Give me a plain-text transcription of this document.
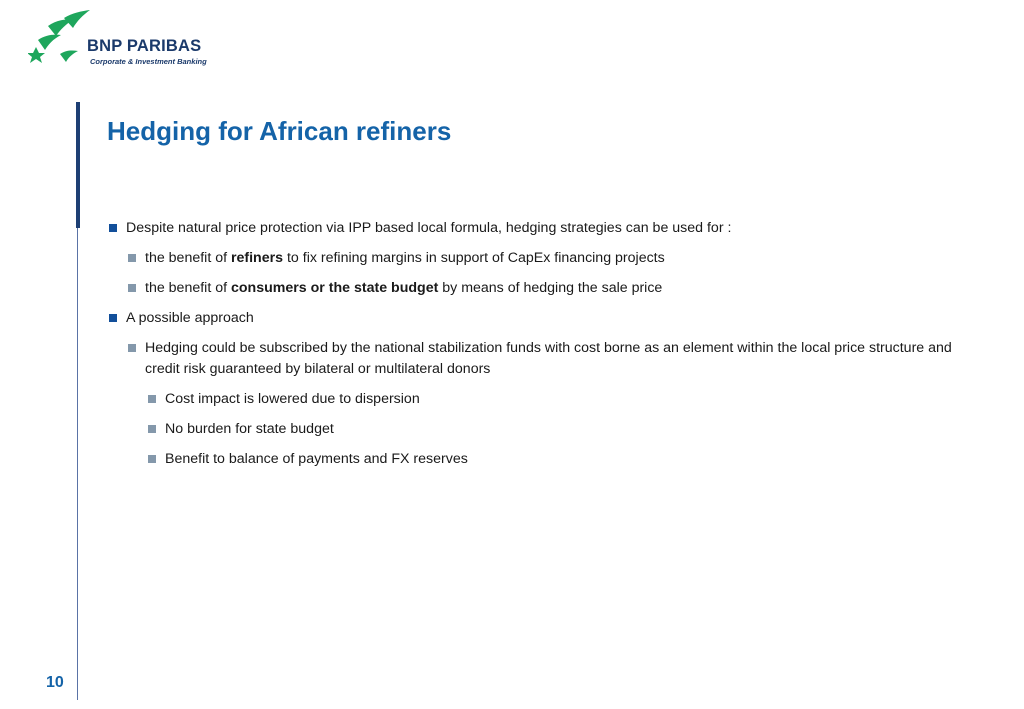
BNP PARIBAS
Corporate & Investment Banking
Hedging for African refiners
Despite natural price protection via IPP based local formula, hedging strategies can be used for :
the benefit of refiners to fix refining margins in support of CapEx financing projects
the benefit of consumers or the state budget by means of hedging the sale price
A possible approach
Hedging could be subscribed by the national stabilization funds with cost borne as an element within the local price structure and credit risk guaranteed by bilateral or multilateral donors
Cost impact is lowered due to dispersion
No burden for state budget
Benefit to balance of payments and FX reserves
10
